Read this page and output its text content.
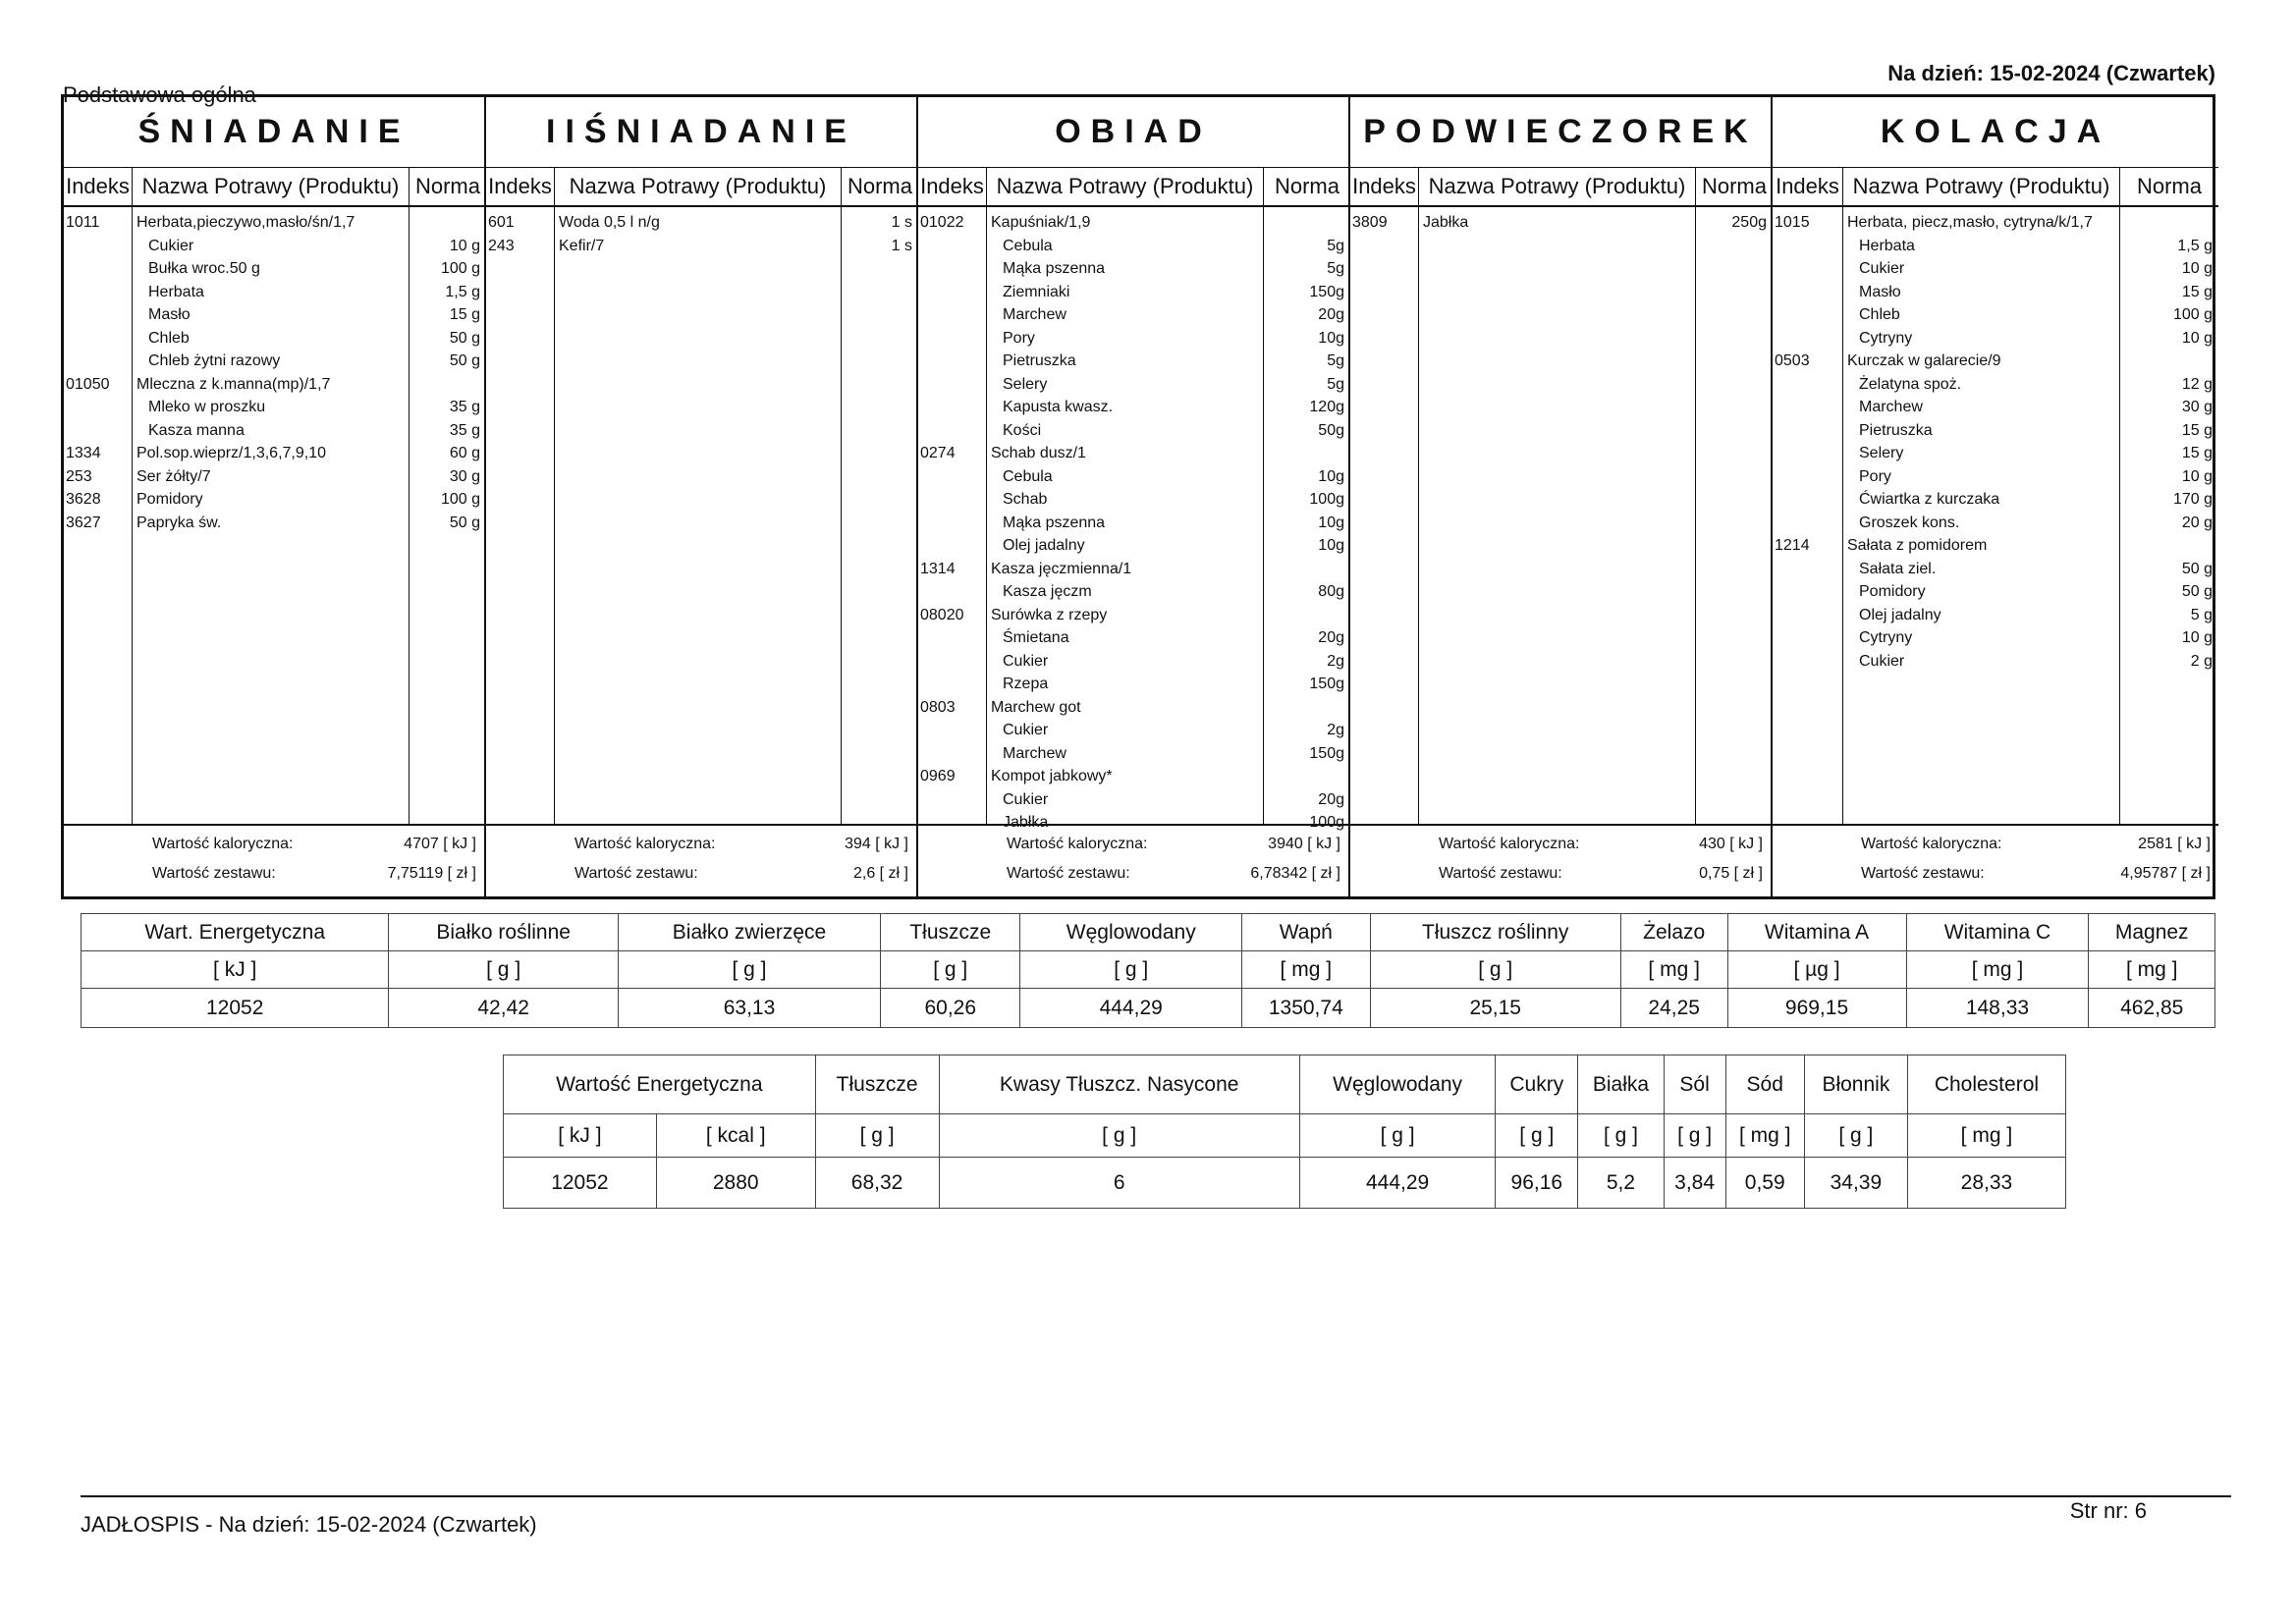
Podstawowa ogólna
Na dzień: 15-02-2024 (Czwartek)
ŚNIADANIE
Indeks Nazwa Potrawy (Produktu) Norma
1011 Herbata,pieczywo,masło/śn/1,7
Cukier	10 g
Bułka wroc.50 g	100 g
Herbata	1,5 g
Masło	15 g
Chleb	50 g
Chleb żytni razowy	50 g
01050 Mleczna z k.manna(mp)/1,7
Mleko w proszku	35 g
Kasza manna	35 g
1334 Pol.sop.wieprz/1,3,6,7,9,10	60 g
253	Ser żółty/7	30 g
3628 Pomidory	100 g
3627 Papryka św.	50 g
Wartość kaloryczna:	4707 [ kJ ]
Wartość zestawu:	7,75119 [ zł ]
IIŚNIADANIE
Indeks Nazwa Potrawy (Produktu) Norma
601	Woda 0,5 l n/g	1 s
243	Kefir/7	1 s
Wartość kaloryczna:	394 [ kJ ]
Wartość zestawu:	2,6 [ zł ]
OBIAD
Indeks Nazwa Potrawy (Produktu) Norma
01022 Kapuśniak/1,9
Cebula	5g
Mąka pszenna	5g
Ziemniaki	150g
Marchew	20g
Pory	10g
Pietruszka	5g
Selery	5g
Kapusta kwasz.	120g
Kości	50g
0274 Schab dusz/1
Cebula	10g
Schab	100g
Mąka pszenna	10g
Olej jadalny	10g
1314 Kasza jęczmienna/1
Kasza jęczm	80g
08020 Surówka z rzepy
Śmietana	20g
Cukier	2g
Rzepa	150g
0803 Marchew got
Cukier	2g
Marchew	150g
0969 Kompot jabkowy*
Cukier	20g
Jabłka	100g
Wartość kaloryczna:	3940 [ kJ ]
Wartość zestawu:	6,78342 [ zł ]
PODWIECZOREK
Indeks Nazwa Potrawy (Produktu) Norma
3809 Jabłka	250g
Wartość kaloryczna:	430 [ kJ ]
Wartość zestawu:	0,75 [ zł ]
KOLACJA
Indeks Nazwa Potrawy (Produktu)	Norma
1015 Herbata, piecz,masło, cytryna/k/1,7
Herbata	1,5 g
Cukier	10 g
Masło	15 g
Chleb	100 g
Cytryny	10 g
0503 Kurczak w galarecie/9
Żelatyna spoż.	12 g
Marchew	30 g
Pietruszka	15 g
Selery	15 g
Pory	10 g
Ćwiartka z kurczaka	170 g
Groszek kons.	20 g
1214 Sałata z pomidorem
Sałata ziel.	50 g
Pomidory	50 g
Olej jadalny	5 g
Cytryny	10 g
Cukier	2 g
Wartość kaloryczna:	2581 [ kJ ]
Wartość zestawu:	4,95787 [ zł ]
Wart. Energetyczna	Białko roślinne	Białko zwierzęce	Tłuszcze	Węglowodany	Wapń	Tłuszcz roślinny	Żelazo	Witamina A	Witamina C	Magnez
[ kJ ]	[ g ]	[ g ]	[ g ]	[ g ]	[ mg ]	[ g ]	[ mg ]	[ µg ]	[ mg ]	[ mg ]
12052	42,42	63,13	60,26	444,29	1350,74	25,15	24,25	969,15	148,33	462,85
Wartość Energetyczna		Tłuszcze	Kwasy Tłuszcz. Nasycone	Węglowodany	Cukry	Białka	Sól	Sód	Błonnik	Cholesterol
[ kJ ]	[ kcal ]	[ g ]	[ g ]	[ g ]	[ g ]	[ g ]	[ g ]	[ mg ]	[ g ]	[ mg ]
12052	2880	68,32	6	444,29	96,16	5,2	3,84	0,59	34,39	28,33
JADŁOSPIS - Na dzień: 15-02-2024 (Czwartek)
Str nr: 6
